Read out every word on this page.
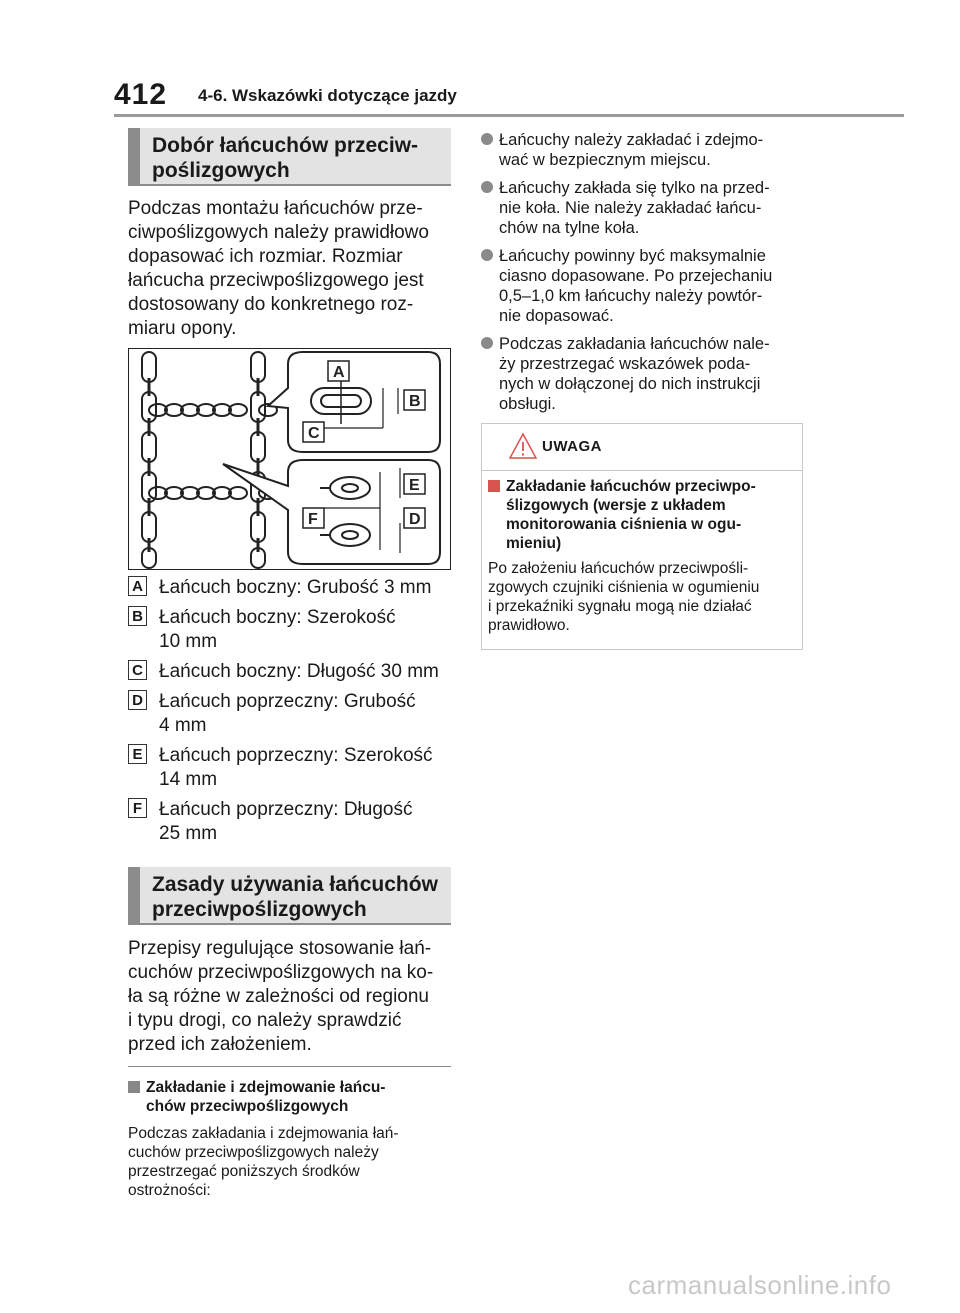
412 4-6. Wskazówki dotyczące jazdy
Dobór łańcuchów przeciw-
poślizgowych
Podczas montażu łańcuchów prze-
ciwpoślizgowych należy prawidłowo
dopasować ich rozmiar. Rozmiar
łańcucha przeciwpoślizgowego jest
dostosowany do konkretnego roz-
miaru opony.
A
B
C
E
F	D
A Łańcuch boczny: Grubość 3 mm
B Łańcuch boczny: Szerokość
10 mm
C Łańcuch boczny: Długość 30 mm
D Łańcuch poprzeczny: Grubość
4 mm
E Łańcuch poprzeczny: Szerokość
14 mm
F Łańcuch poprzeczny: Długość
25 mm
Zasady używania łańcuchów
przeciwpoślizgowych
Przepisy regulujące stosowanie łań-
cuchów przeciwpoślizgowych na ko-
ła są różne w zależności od regionu
i typu drogi, co należy sprawdzić
przed ich założeniem.
Zakładanie i zdejmowanie łańcu-
chów przeciwpoślizgowych
Podczas zakładania i zdejmowania łań-
cuchów przeciwpoślizgowych należy
przestrzegać poniższych środków
ostrożności:
Łańcuchy należy zakładać i zdejmo-
wać w bezpiecznym miejscu.
Łańcuchy zakłada się tylko na przed-
nie koła. Nie należy zakładać łańcu-
chów na tylne koła.
Łańcuchy powinny być maksymalnie
ciasno dopasowane. Po przejechaniu
0,5–1,0 km łańcuchy należy powtór-
nie dopasować.
Podczas zakładania łańcuchów nale-
ży przestrzegać wskazówek poda-
nych w dołączonej do nich instrukcji
obsługi.
UWAGA
Zakładanie łańcuchów przeciwpo-
ślizgowych (wersje z układem
monitorowania ciśnienia w ogu-
mieniu)
Po założeniu łańcuchów przeciwpośli-
zgowych czujniki ciśnienia w ogumieniu
i przekaźniki sygnału mogą nie działać
prawidłowo.
carmanualsonline.info
